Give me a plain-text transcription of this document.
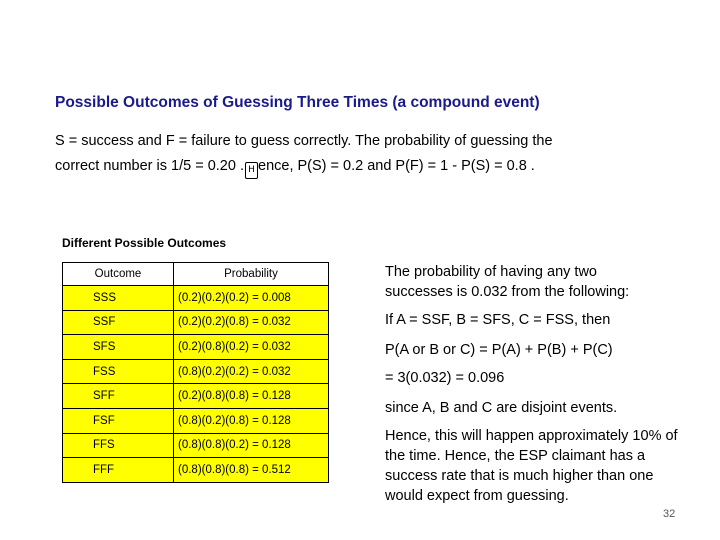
Possible Outcomes of Guessing Three Times (a compound event)
S = success and F = failure to guess correctly. The probability of guessing the
correct number is 1/5 = 0.20 . H ence, P(S) = 0.2 and P(F) = 1 - P(S) = 0.8 .
Different Possible Outcomes
Outcome	Probability
SSS	(0.2)(0.2)(0.2) = 0.008
SSF	(0.2)(0.2)(0.8) = 0.032
SFS	(0.2)(0.8)(0.2) = 0.032
FSS	(0.8)(0.2)(0.2) = 0.032
SFF	(0.2)(0.8)(0.8) = 0.128
FSF	(0.8)(0.2)(0.8) = 0.128
FFS	(0.8)(0.8)(0.2) = 0.128
FFF	(0.8)(0.8)(0.8) = 0.512
The probability of having any two successes is 0.032 from the following:
If A = SSF, B = SFS, C = FSS, then
P(A or B or C) = P(A) + P(B) + P(C)
= 3(0.032) = 0.096
since A, B and C are disjoint events.
Hence, this will happen approximately 10% of the time. Hence, the ESP claimant has a success rate that is much higher than one would expect from guessing.
32
